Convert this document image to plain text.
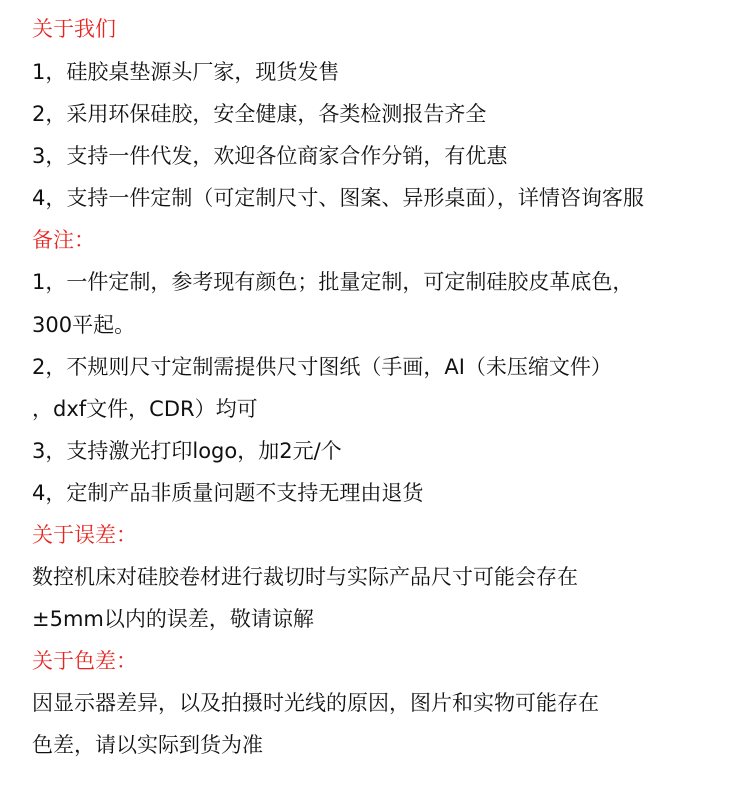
关于我们
1，硅胶桌垫源头厂家，现货发售
2，采用环保硅胶，安全健康，各类检测报告齐全
3，支持一件代发，欢迎各位商家合作分销，有优惠
4，支持一件定制（可定制尺寸、图案、异形桌面），详情咨询客服
备注：
1，一件定制，参考现有颜色；批量定制，可定制硅胶皮革底色，
300平起。
2，不规则尺寸定制需提供尺寸图纸（手画，AI（未压缩文件）
，dxf文件，CDR）均可
3，支持激光打印logo，加2元/个
4，定制产品非质量问题不支持无理由退货
关于误差：
数控机床对硅胶卷材进行裁切时与实际产品尺寸可能会存在
±5mm以内的误差，敬请谅解
关于色差：
因显示器差异，以及拍摄时光线的原因，图片和实物可能存在
色差，请以实际到货为准
